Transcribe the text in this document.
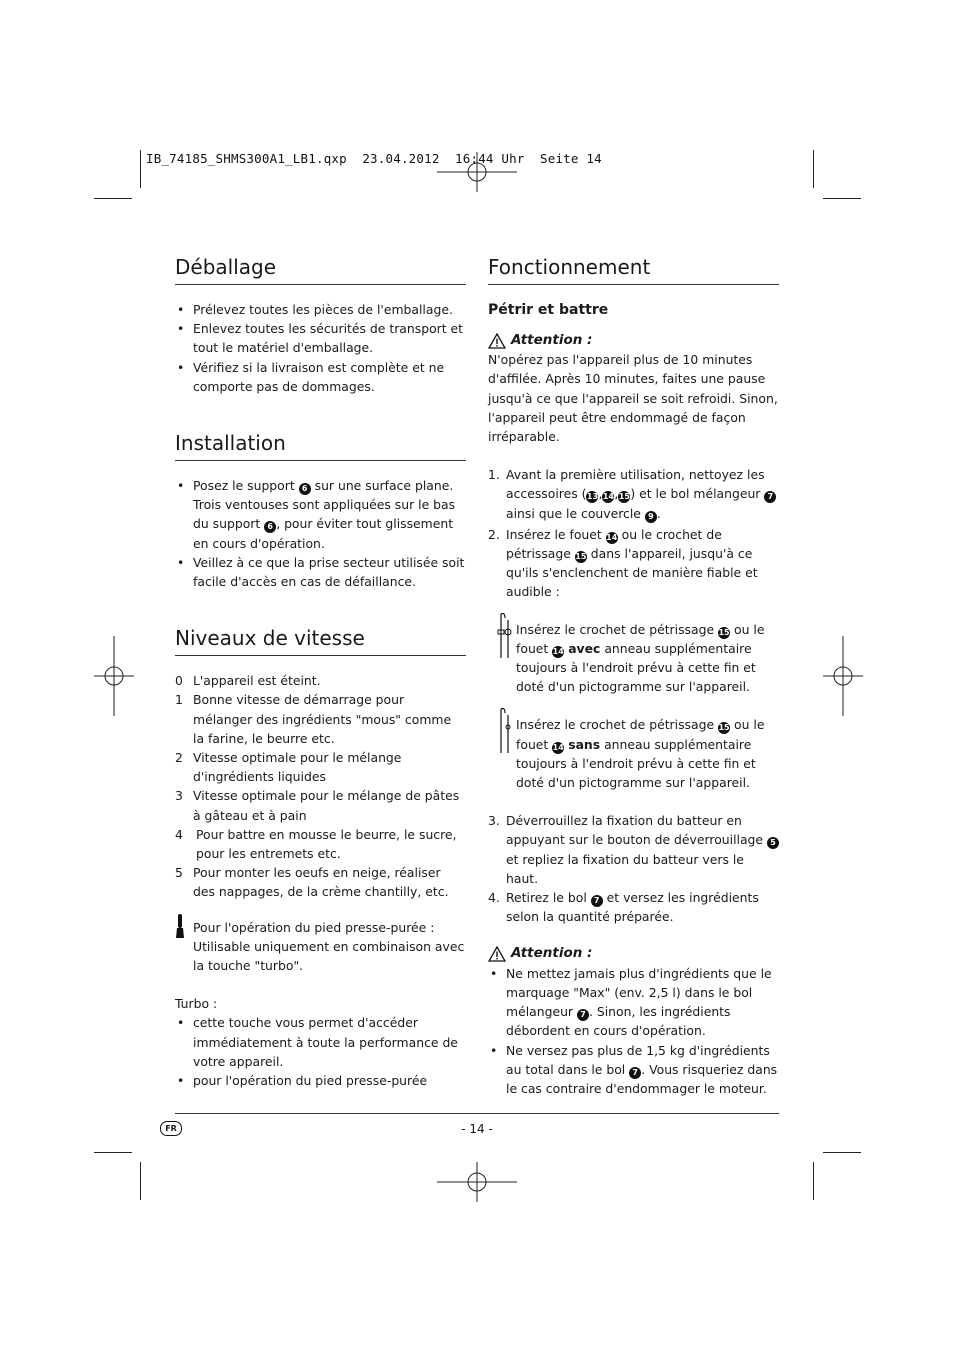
IB_74185_SHMS300A1_LB1.qxp  23.04.2012  16:44 Uhr  Seite 14
Déballage
• Prélevez toutes les pièces de l'emballage.
• Enlevez toutes les sécurités de transport et tout le matériel d'emballage.
• Vérifiez si la livraison est complète et ne comporte pas de dommages.
Installation
• Posez le support 6 sur une surface plane. Trois ventouses sont appliquées sur le bas du support 6 , pour éviter tout glissement en cours d'opération.
• Veillez à ce que la prise secteur utilisée soit facile d'accès en cas de défaillance.
Niveaux de vitesse
0 L'appareil est éteint.
1 Bonne vitesse de démarrage pour mélanger des ingrédients "mous" comme la farine, le beurre etc.
2 Vitesse optimale pour le mélange d'ingrédients liquides
3 Vitesse optimale pour le mélange de pâtes à gâteau et à pain
4 Pour battre en mousse le beurre, le sucre, pour les entremets etc.
5 Pour monter les oeufs en neige, réaliser des nappages, de la crème chantilly, etc.

Pour l'opération du pied presse-purée : Utilisable uniquement en combinaison avec la touche "turbo".

Turbo :

• cette touche vous permet d'accéder immédiatement à toute la performance de votre appareil.
• pour l'opération du pied presse-purée
Fonctionnement
Pétrir et battre
Attention :

N'opérez pas l'appareil plus de 10 minutes d'affilée. Après 10 minutes, faites une pause jusqu'à ce que l'appareil se soit refroidi. Sinon, l'appareil peut être endommagé de façon irréparable.

1. Avant la première utilisation, nettoyez les accessoires (13,14,15) et le bol mélangeur 7 ainsi que le couvercle 9 .
2. Insérez le fouet 14 ou le crochet de pétrissage 15 dans l'appareil, jusqu'à ce qu'ils s'enclenchent de manière fiable et audible :
Insérez le crochet de pétrissage 15 ou le fouet 14 avec anneau supplémentaire toujours à l'endroit prévu à cette fin et doté d'un pictogramme sur l'appareil.
Insérez le crochet de pétrissage 15 ou le fouet 14 sans anneau supplémentaire toujours à l'endroit prévu à cette fin et doté d'un pictogramme sur l'appareil.
3. Déverrouillez la fixation du batteur en appuyant sur le bouton de déverrouillage 5 et repliez la fixation du batteur vers le haut.
4. Retirez le bol 7 et versez les ingrédients selon la quantité préparée.
Attention :
• Ne mettez jamais plus d'ingrédients que le marquage "Max" (env. 2,5 l) dans le bol mélangeur 7 . Sinon, les ingrédients débordent en cours d'opération.
• Ne versez pas plus de 1,5 kg d'ingrédients au total dans le bol 7 . Vous risqueriez dans le cas contraire d'endommager le moteur.
FR	- 14 -
